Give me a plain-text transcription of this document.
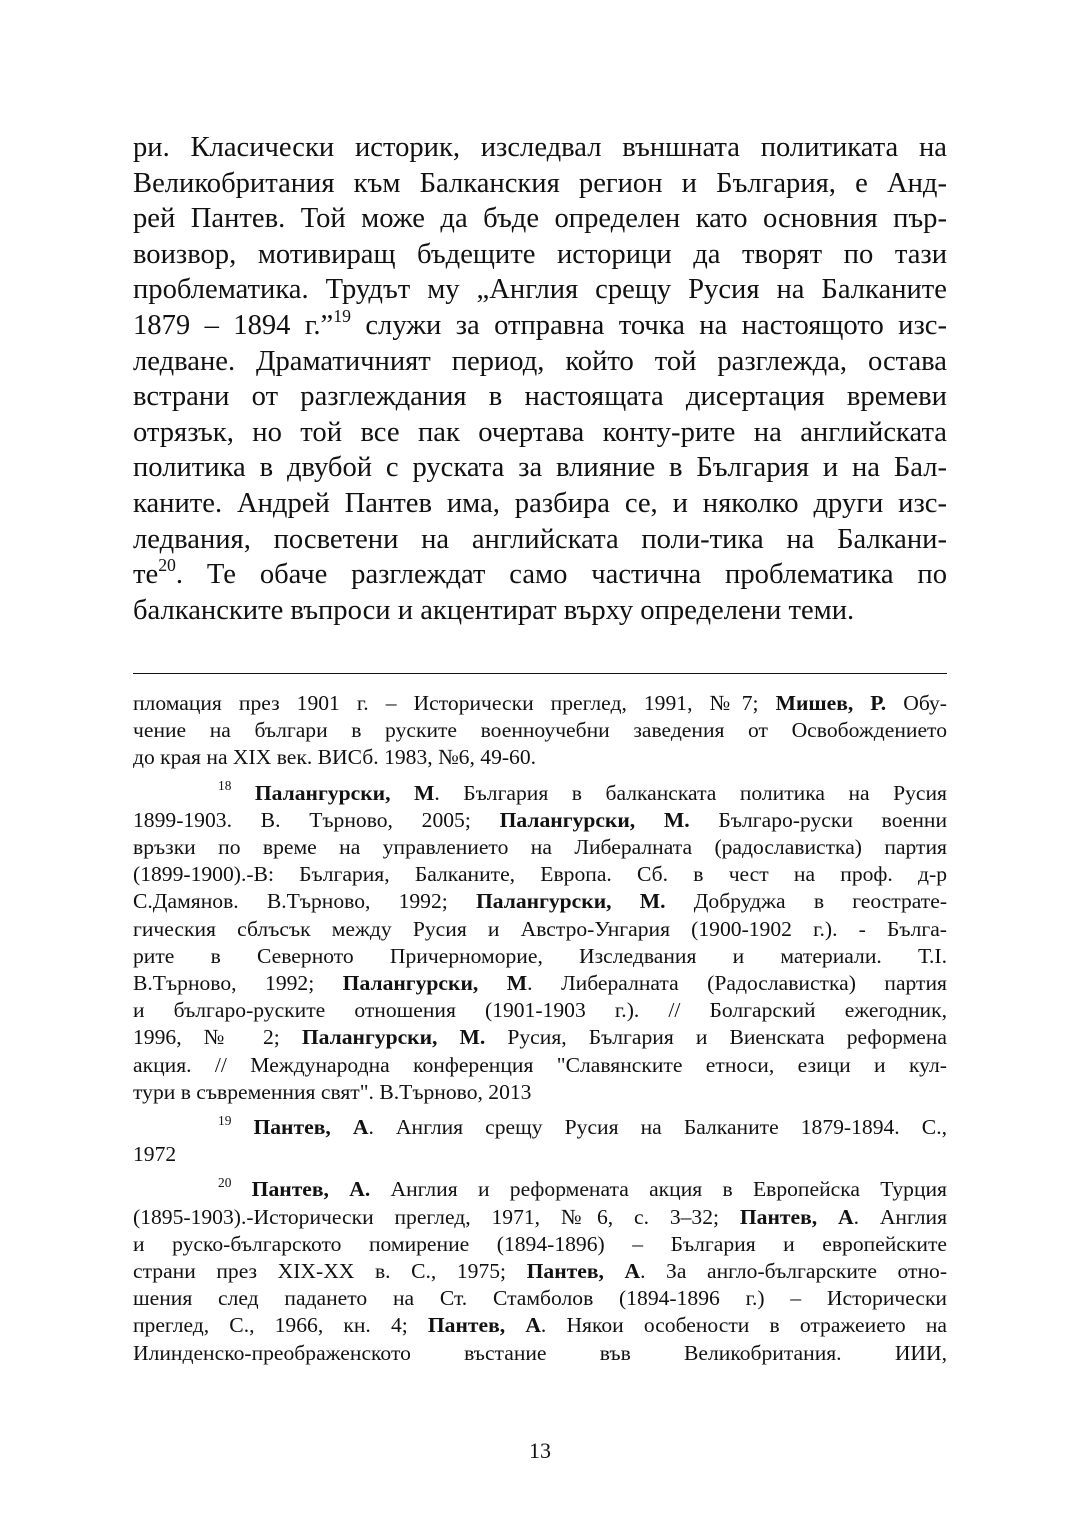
ри. Класически историк, изследвал външната политиката на
Великобритания към Балканския регион и България, е Анд-
рей Пантев. Той може да бъде определен като основния пър-
воизвор, мотивиращ бъдещите историци да творят по тази
проблематика. Трудът му „Англия срещу Русия на Балканите
1879 – 1894 г.”$^{19}$ служи за отправна точка на настоящото изс-
ледване. Драматичният период, който той разглежда, остава
встрани от разглеждания в настоящата дисертация времеви
отрязък, но той все пак очертава конту-рите на английската
политика в двубой с руската за влияние в България и на Бал-
каните. Андрей Пантев има, разбира се, и няколко други изс-
ледвания, посветени на английската поли-тика на Балкани-
$те^{20}$. Те обаче разглеждат само частична проблематика по
балканските въпроси и акцентират върху определени теми.
пломация през 1901 г. – Исторически преглед, 1991, №7; Мишев, Р. Обу-
чение на българи в руските военноучебни заведения от Освобождението
до края на XIX век. ВИСб. 1983, №6, 49-60.
$^{18}$ Палангурски, М. България в балканската политика на Русия
1899-1903. В. Търново, 2005; Палангурски, М. Българо-руски военни
връзки по време на управлението на Либералната (радославистка) партия
(1899-1900).-В: България, Балканите, Европа. Сб. в чест на проф. д-р
С.Дамянов. В.Търново, 1992; Палангурски, М. Добруджа в геострате-
гическия сблъсък между Русия и Австро-Унгария (1900-1902 г.). - Бълга-
рите в Северното Причерноморие, Изследвания и материали. Т.I.
В.Търново, 1992; Палангурски, М. Либералната (Радославистка) партия
и българо-руските отношения (1901-1903 г.). // Болгарский ежегодник,
1996, № 2; Палангурски, М. Русия, България и Виенската реформена
акция. // Международна конференция "Славянските етноси, езици и кул-
тури в съвременния свят". В.Търново, 2013
$^{19}$ Пантев, А. Англия срещу Русия на Балканите 1879-1894. С.,
1972
$^{20}$ Пантев, А. Англия и реформената акция в Европейска Турция
(1895-1903).-Исторически преглед, 1971, №6, с. 3–32; Пантев, А. Англия
и руско-българското помирение (1894-1896) – България и европейските
страни през XIX-XX в. С., 1975; Пантев, А. За англо-българските отно-
шения след падането на Ст. Стамболов (1894-1896 г.) – Исторически
преглед, С., 1966, кн. 4; Пантев, А. Някои особености в отражеието на
Илинденско-преображенското въстание във Великобритания. ИИИ,
13
